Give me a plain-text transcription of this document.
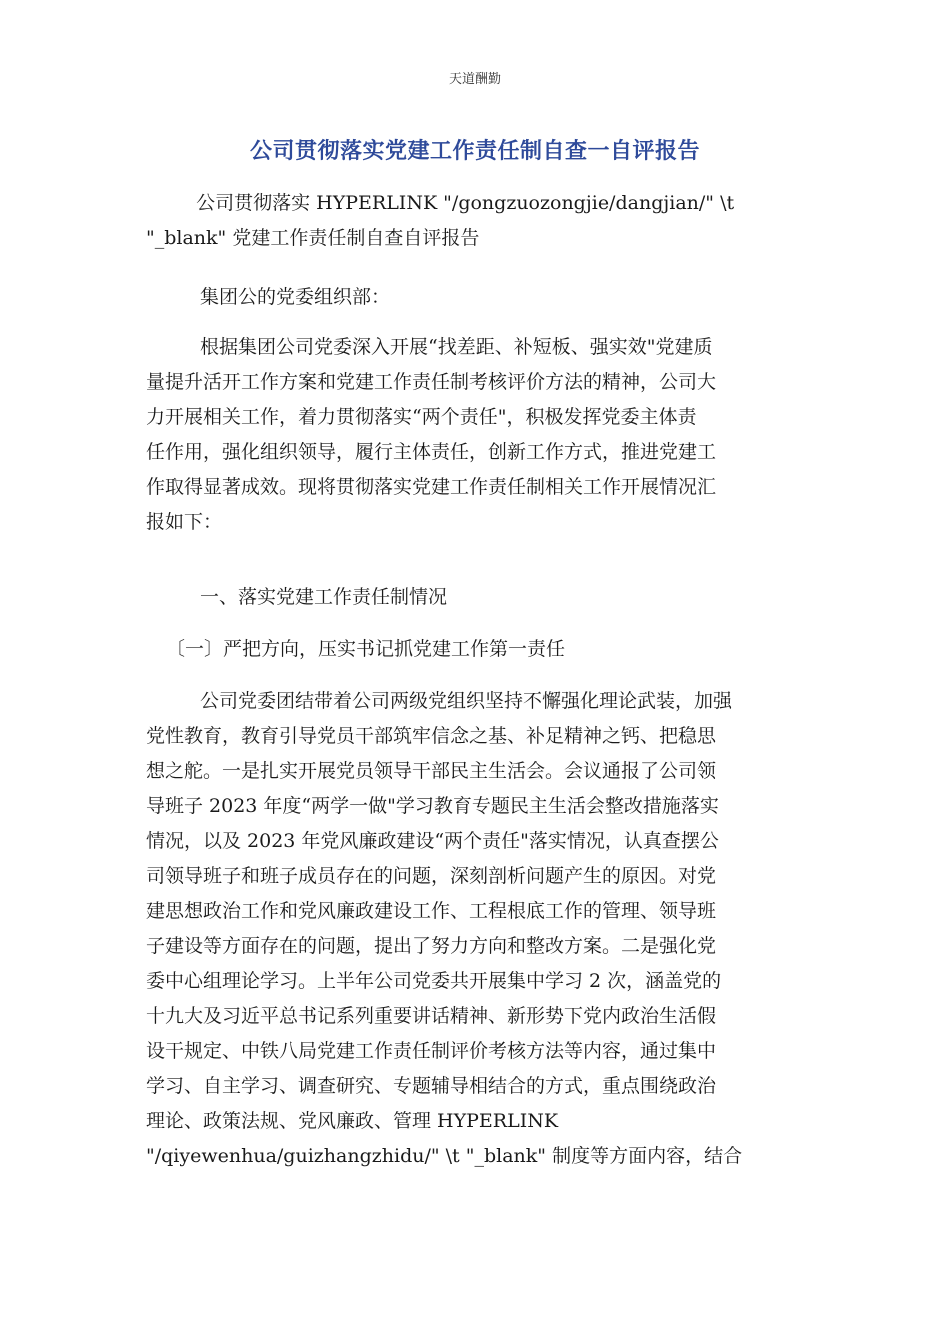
天道酬勤
公司贯彻落实党建工作责任制自查一自评报告
公司贯彻落实 HYPERLINK "/gongzuozongjie/dangjian/" \t
"_blank" 党建工作责任制自查自评报告
集团公的党委组织部：
根据集团公司党委深入开展“找差距、补短板、强实效"党建质
量提升活开工作方案和党建工作责任制考核评价方法的精神，公司大
力开展相关工作，着力贯彻落实“两个责任"，积极发挥党委主体责
任作用，强化组织领导，履行主体责任，创新工作方式，推进党建工
作取得显著成效。现将贯彻落实党建工作责任制相关工作开展情况汇
报如下：
一、落实党建工作责任制情况
〔一〕严把方向，压实书记抓党建工作第一责任
公司党委团结带着公司两级党组织坚持不懈强化理论武装，加强
党性教育，教育引导党员干部筑牢信念之基、补足精神之钙、把稳思
想之舵。一是扎实开展党员领导干部民主生活会。会议通报了公司领
导班子 2023 年度“两学一做"学习教育专题民主生活会整改措施落实
情况，以及 2023 年党风廉政建设“两个责任"落实情况，认真查摆公
司领导班子和班子成员存在的问题，深刻剖析问题产生的原因。对党
建思想政治工作和党风廉政建设工作、工程根底工作的管理、领导班
子建设等方面存在的问题，提出了努力方向和整改方案。二是强化党
委中心组理论学习。上半年公司党委共开展集中学习 2 次，涵盖党的
十九大及习近平总书记系列重要讲话精神、新形势下党内政治生活假
设干规定、中铁八局党建工作责任制评价考核方法等内容，通过集中
学习、自主学习、调查研究、专题辅导相结合的方式，重点围绕政治
理论、政策法规、党风廉政、管理 HYPERLINK
"/qiyewenhua/guizhangzhidu/" \t "_blank" 制度等方面内容，结合
